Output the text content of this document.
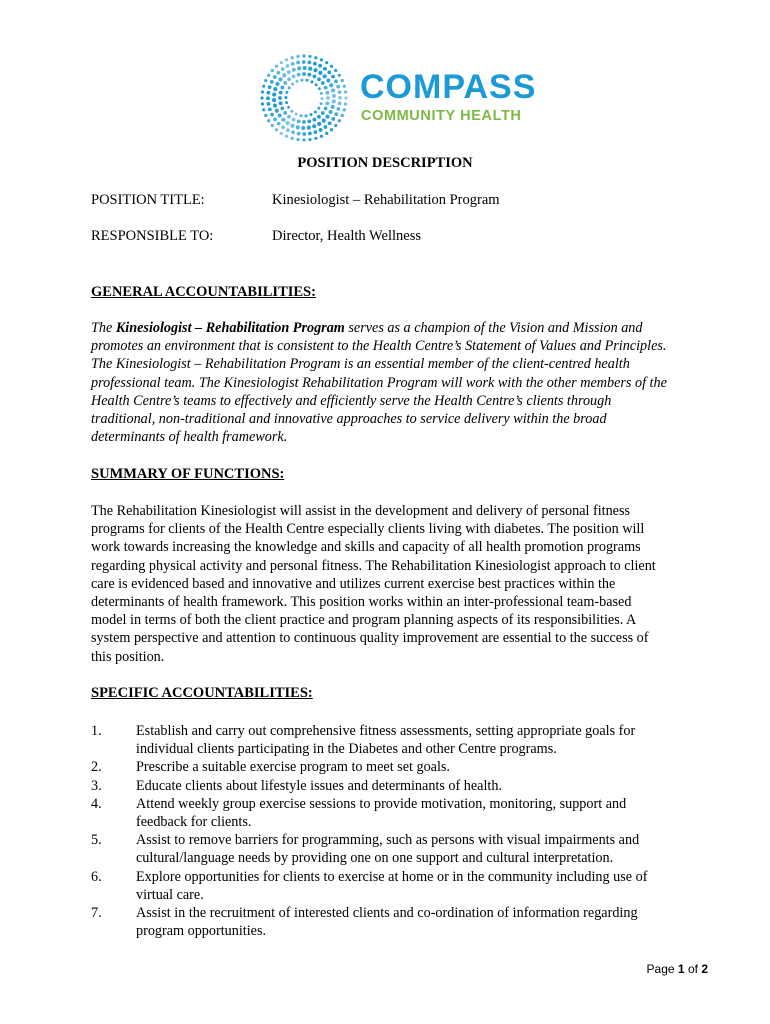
COMPASS
COMMUNITY HEALTH
POSITION DESCRIPTION
POSITION TITLE:	Kinesiologist – Rehabilitation Program
RESPONSIBLE TO:	Director, Health Wellness
GENERAL ACCOUNTABILITIES:
The Kinesiologist – Rehabilitation Program serves as a champion of the Vision and Mission and
promotes an environment that is consistent to the Health Centre’s Statement of Values and Principles.
The Kinesiologist – Rehabilitation Program is an essential member of the client-centred health
professional team. The Kinesiologist Rehabilitation Program will work with the other members of the
Health Centre’s teams to effectively and efficiently serve the Health Centre’s clients through
traditional, non-traditional and innovative approaches to service delivery within the broad
determinants of health framework.
SUMMARY OF FUNCTIONS:
The Rehabilitation Kinesiologist will assist in the development and delivery of personal fitness
programs for clients of the Health Centre especially clients living with diabetes. The position will
work towards increasing the knowledge and skills and capacity of all health promotion programs
regarding physical activity and personal fitness. The Rehabilitation Kinesiologist approach to client
care is evidenced based and innovative and utilizes current exercise best practices within the
determinants of health framework. This position works within an inter-professional team-based
model in terms of both the client practice and program planning aspects of its responsibilities. A
system perspective and attention to continuous quality improvement are essential to the success of
this position.
SPECIFIC ACCOUNTABILITIES:
1. Establish and carry out comprehensive fitness assessments, setting appropriate goals for
individual clients participating in the Diabetes and other Centre programs.
2. Prescribe a suitable exercise program to meet set goals.
3. Educate clients about lifestyle issues and determinants of health.
4. Attend weekly group exercise sessions to provide motivation, monitoring, support and
feedback for clients.
5. Assist to remove barriers for programming, such as persons with visual impairments and
cultural/language needs by providing one on one support and cultural interpretation.
6. Explore opportunities for clients to exercise at home or in the community including use of
virtual care.
7. Assist in the recruitment of interested clients and co-ordination of information regarding
program opportunities.
Page 1 of 2
